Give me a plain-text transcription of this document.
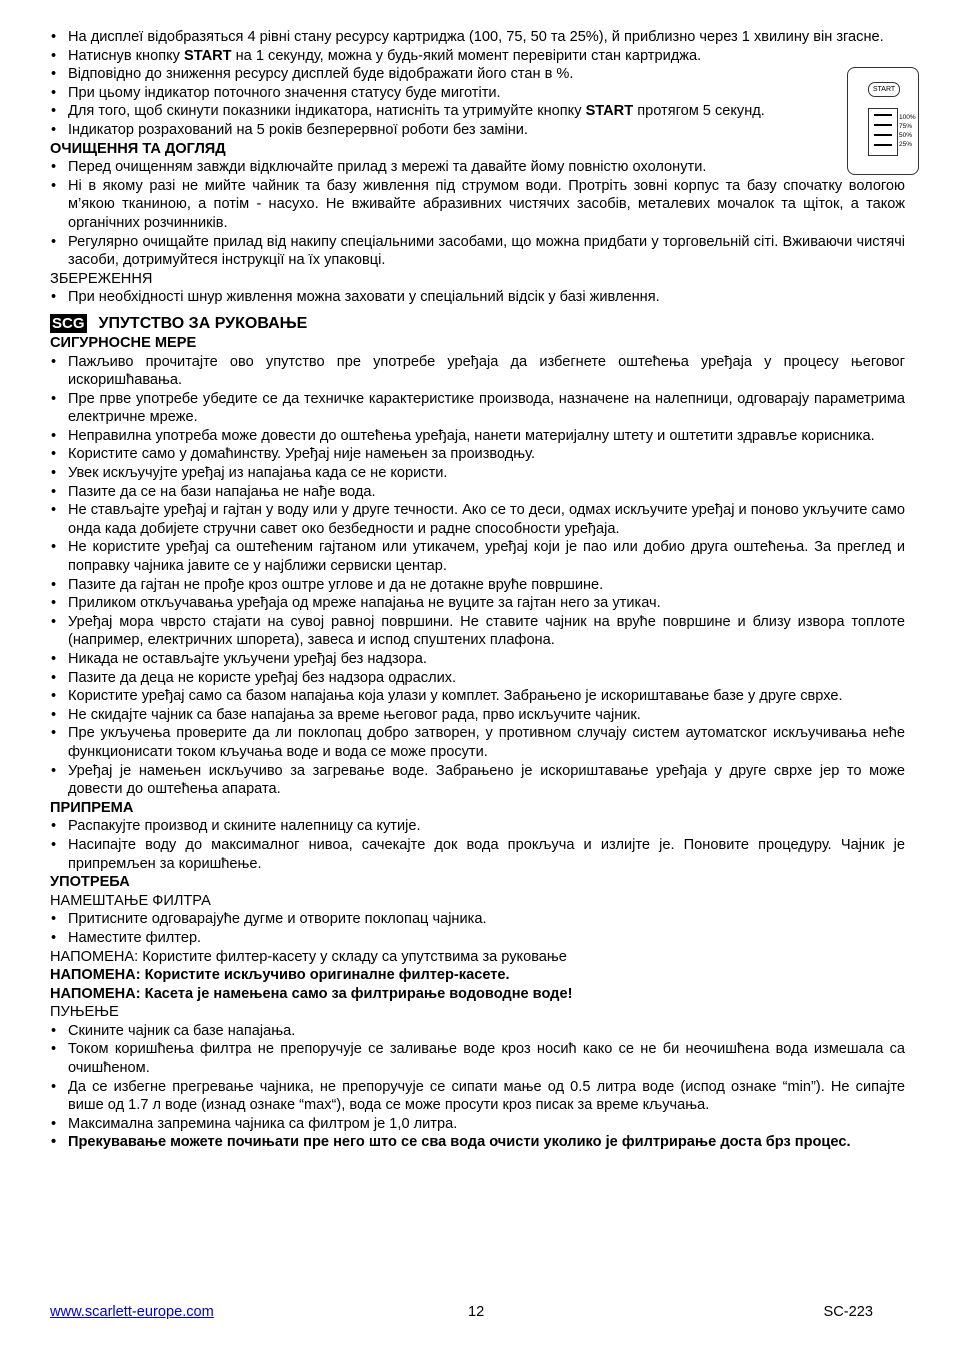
• На дисплеї відобразяться 4 рівні стану ресурсу картриджа (100, 75, 50 та 25%), й приблизно через 1 хвилину він згасне.
• Натиснув кнопку START на 1 секунду, можна у будь-який момент перевірити стан картриджа.
• Відповідно до зниження ресурсу дисплей буде відображати його стан в %.
• При цьому індикатор поточного значення статусу буде миготіти.
• Для того, щоб скинути показники індикатора, натисніть та утримуйте кнопку START протягом 5 секунд.
• Індикатор розрахований на 5 років безперервної роботи без заміни.
ОЧИЩЕННЯ ТА ДОГЛЯД
• Перед очищенням завжди відключайте прилад з мережі та давайте йому повністю охолонути.
• Ні в якому разі не мийте чайник та базу живлення під струмом води. Протріть зовні корпус та базу спочатку вологою м’якою тканиною, а потім - насухо. Не вживайте абразивних чистячих засобів, металевих мочалок та щіток, а також органічних розчинників.
• Регулярно очищайте прилад від накипу спеціальними засобами, що можна придбати у торговельній сіті. Вживаючи чистячі засоби, дотримуйтеся інструкції на їх упаковці.
ЗБЕРЕЖЕННЯ
• При необхідності шнур живлення можна заховати у спеціальний відсік у базі живлення.
SCG УПУТСТВО ЗА РУКОВАЊЕ
СИГУРНОСНЕ МЕРЕ
• Пажљиво прочитајте ово упутство пре употребе уређаја да избегнете оштећења уређаја у процесу његовог искоришћавања.
• Пре прве употребе убедите се да техничке карактеристике производа, назначене на налепници, одговарају параметрима електричне мреже.
• Неправилна употреба може довести до оштећења уређаја, нанети материјалну штету и оштетити здравље корисника.
• Користите само у домаћинству. Уређај није намењен за производњу.
• Увек искључујте уређај из напајања када се не користи.
• Пазите да се на бази напајања не нађе вода.
• Не стављајте уређај и гајтан у воду или у друге течности. Ако се то деси, одмах искључите уређај и поново укључите само онда када добијете стручни савет око безбедности и радне способности уређаја.
• Не користите уређај са оштећеним гајтаном или утикачем, уређај који је пао или добио друга оштећења. За преглед и поправку чајника јавите се у најближи сервиски центар.
• Пазите да гајтан не прође кроз оштре углове и да не дотакне вруће површине.
• Приликом откључавања уређаја од мреже напајања не вуците за гајтан него за утикач.
• Уређај мора чврсто стајати на сувој равној површини. Не ставите чајник на вруће површине и близу извора топлоте (например, електричних шпорета), завеса и испод спуштених плафона.
• Никада не остављајте укључени уређај без надзора.
• Пазите да деца не користе уређај без надзора одраслих.
• Користите уређај само са базом напајања која улази у комплет. Забрањено је искориштавање базе у друге сврхе.
• Не скидајте чајник са базе напајања за време његовог рада, прво искључите чајник.
• Пре укључења проверите да ли поклопац добро затворен, у противном случају систем аутоматског искључивања неће функционисати током кључања воде и вода се може просути.
• Уређај је намењен искључиво за загревање воде. Забрањено је искориштавање уређаја у друге сврхе јер то може довести до оштећења апарата.
ПРИПРЕМА
• Распакујте производ и скините налепницу са кутије.
• Насипајте воду до максималног нивоа, сачекајте док вода прокључа и излијте је. Поновите процедуру. Чајник је припремљен за коришћење.
УПОТРЕБА
НАМЕШТАЊЕ ФИЛТРА
• Притисните одговарајуће дугме и отворите поклопац чајника.
• Наместите филтер.
НАПОМЕНА: Користите филтер-касету у складу са упутствима за руковање
НАПОМЕНА: Користите искључиво оригиналне филтер-касете.
НАПОМЕНА: Касета је намењена само за филтрирање водоводне воде!
ПУЊЕЊЕ
• Скините чајник са базе напајања.
• Током коришћења филтра не препоручује се заливање воде кроз носић како се не би неочишћена вода измешала са очишћеном.
• Да се избегне прегревање чајника, не препоручује се сипати мање од 0.5 литра воде (испод ознаке “min”). Не сипајте више од 1.7 л воде (изнад ознаке “max“), вода се може просути кроз писак за време кључања.
• Максимална запремина чајника са филтром је 1,0 литра.
• Прекувавање можете почињати пре него што се сва вода очисти уколико је филтрирање доста брз процес.
START
100%
75%
50%
25%
www.scarlett-europe.com	12	SC-223
